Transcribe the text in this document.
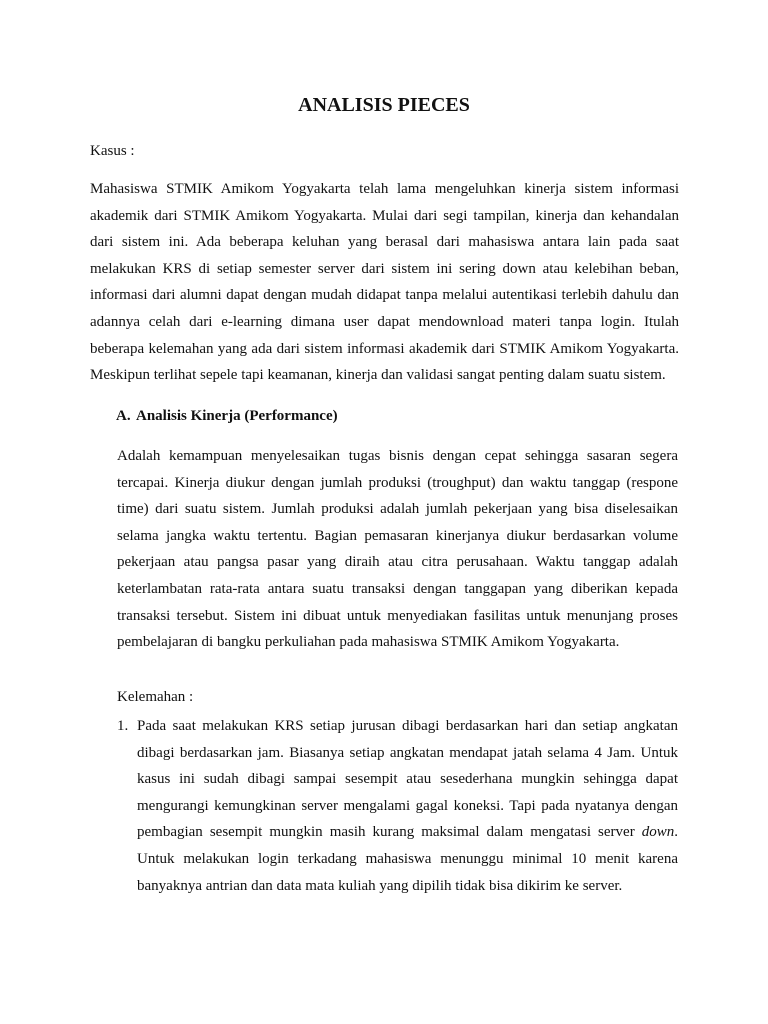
ANALISIS PIECES
Kasus :
Mahasiswa STMIK Amikom Yogyakarta telah lama mengeluhkan kinerja sistem informasi
akademik dari STMIK Amikom Yogyakarta. Mulai dari segi tampilan, kinerja dan kehandalan
dari sistem ini. Ada beberapa keluhan yang berasal dari mahasiswa antara lain pada saat
melakukan KRS di setiap semester server dari sistem ini sering down atau kelebihan beban,
informasi dari alumni dapat dengan mudah didapat tanpa melalui autentikasi terlebih dahulu dan
adannya celah dari e-learning dimana user dapat mendownload materi tanpa login. Itulah
beberapa kelemahan yang ada dari sistem informasi akademik dari STMIK Amikom Yogyakarta.
Meskipun terlihat sepele tapi keamanan, kinerja dan validasi sangat penting dalam suatu sistem.
A. Analisis Kinerja (Performance)
Adalah kemampuan menyelesaikan tugas bisnis dengan cepat sehingga sasaran segera
tercapai. Kinerja diukur dengan jumlah produksi (troughput) dan waktu tanggap (respone
time) dari suatu sistem. Jumlah produksi adalah jumlah pekerjaan yang bisa diselesaikan
selama jangka waktu tertentu. Bagian pemasaran kinerjanya diukur berdasarkan volume
pekerjaan atau pangsa pasar yang diraih atau citra perusahaan. Waktu tanggap adalah
keterlambatan rata-rata antara suatu transaksi dengan tanggapan yang diberikan kepada
transaksi tersebut. Sistem ini dibuat untuk menyediakan fasilitas untuk menunjang proses
pembelajaran di bangku perkuliahan pada mahasiswa STMIK Amikom Yogyakarta.
Kelemahan :
1. Pada saat melakukan KRS setiap jurusan dibagi berdasarkan hari dan setiap angkatan
dibagi berdasarkan jam. Biasanya setiap angkatan mendapat jatah selama 4 Jam. Untuk
kasus ini sudah dibagi sampai sesempit atau sesederhana mungkin sehingga dapat
mengurangi kemungkinan server mengalami gagal koneksi. Tapi pada nyatanya dengan
pembagian sesempit mungkin masih kurang maksimal dalam mengatasi server down.
Untuk melakukan login terkadang mahasiswa menunggu minimal 10 menit karena
banyaknya antrian dan data mata kuliah yang dipilih tidak bisa dikirim ke server.
